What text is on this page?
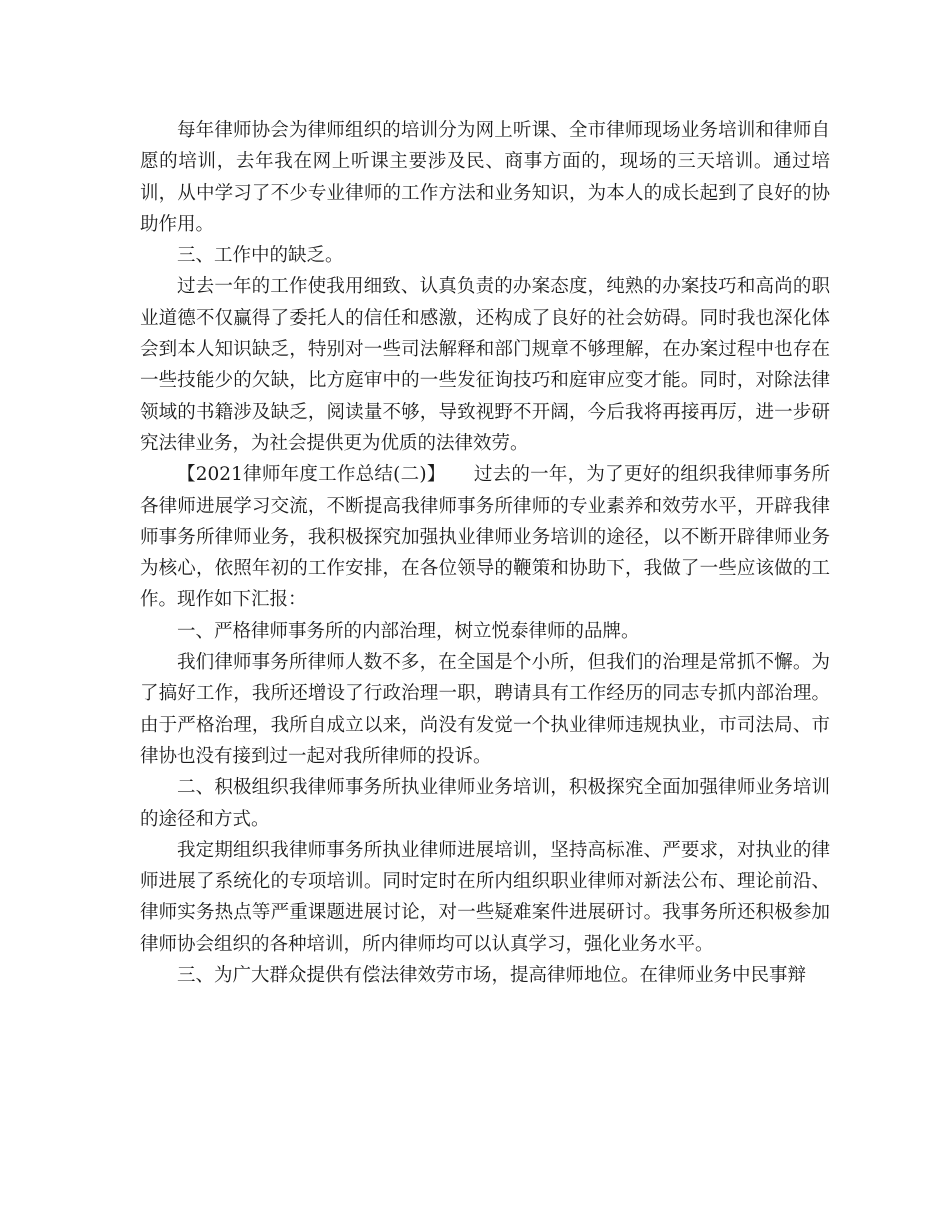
每年律师协会为律师组织的培训分为网上听课、全市律师现场业务培训和律师自愿的培训，去年我在网上听课主要涉及民、商事方面的，现场的三天培训。通过培训，从中学习了不少专业律师的工作方法和业务知识，为本人的成长起到了良好的协助作用。

三、工作中的缺乏。

过去一年的工作使我用细致、认真负责的办案态度，纯熟的办案技巧和高尚的职业道德不仅赢得了委托人的信任和感激，还构成了良好的社会妨碍。同时我也深化体会到本人知识缺乏，特别对一些司法解释和部门规章不够理解，在办案过程中也存在一些技能少的欠缺，比方庭审中的一些发征询技巧和庭审应变才能。同时，对除法律领域的书籍涉及缺乏，阅读量不够，导致视野不开阔，今后我将再接再厉，进一步研究法律业务，为社会提供更为优质的法律效劳。

【2021律师年度工作总结(二)】　　过去的一年，为了更好的组织我律师事务所各律师进展学习交流，不断提高我律师事务所律师的专业素养和效劳水平，开辟我律师事务所律师业务，我积极探究加强执业律师业务培训的途径，以不断开辟律师业务为核心，依照年初的工作安排，在各位领导的鞭策和协助下，我做了一些应该做的工作。现作如下汇报：

一、严格律师事务所的内部治理，树立悦泰律师的品牌。

我们律师事务所律师人数不多，在全国是个小所，但我们的治理是常抓不懈。为了搞好工作，我所还增设了行政治理一职，聘请具有工作经历的同志专抓内部治理。由于严格治理，我所自成立以来，尚没有发觉一个执业律师违规执业，市司法局、市律协也没有接到过一起对我所律师的投诉。

二、积极组织我律师事务所执业律师业务培训，积极探究全面加强律师业务培训的途径和方式。

我定期组织我律师事务所执业律师进展培训，坚持高标准、严要求，对执业的律师进展了系统化的专项培训。同时定时在所内组织职业律师对新法公布、理论前沿、律师实务热点等严重课题进展讨论，对一些疑难案件进展研讨。我事务所还积极参加律师协会组织的各种培训，所内律师均可以认真学习，强化业务水平。

三、为广大群众提供有偿法律效劳市场，提高律师地位。在律师业务中民事辩
